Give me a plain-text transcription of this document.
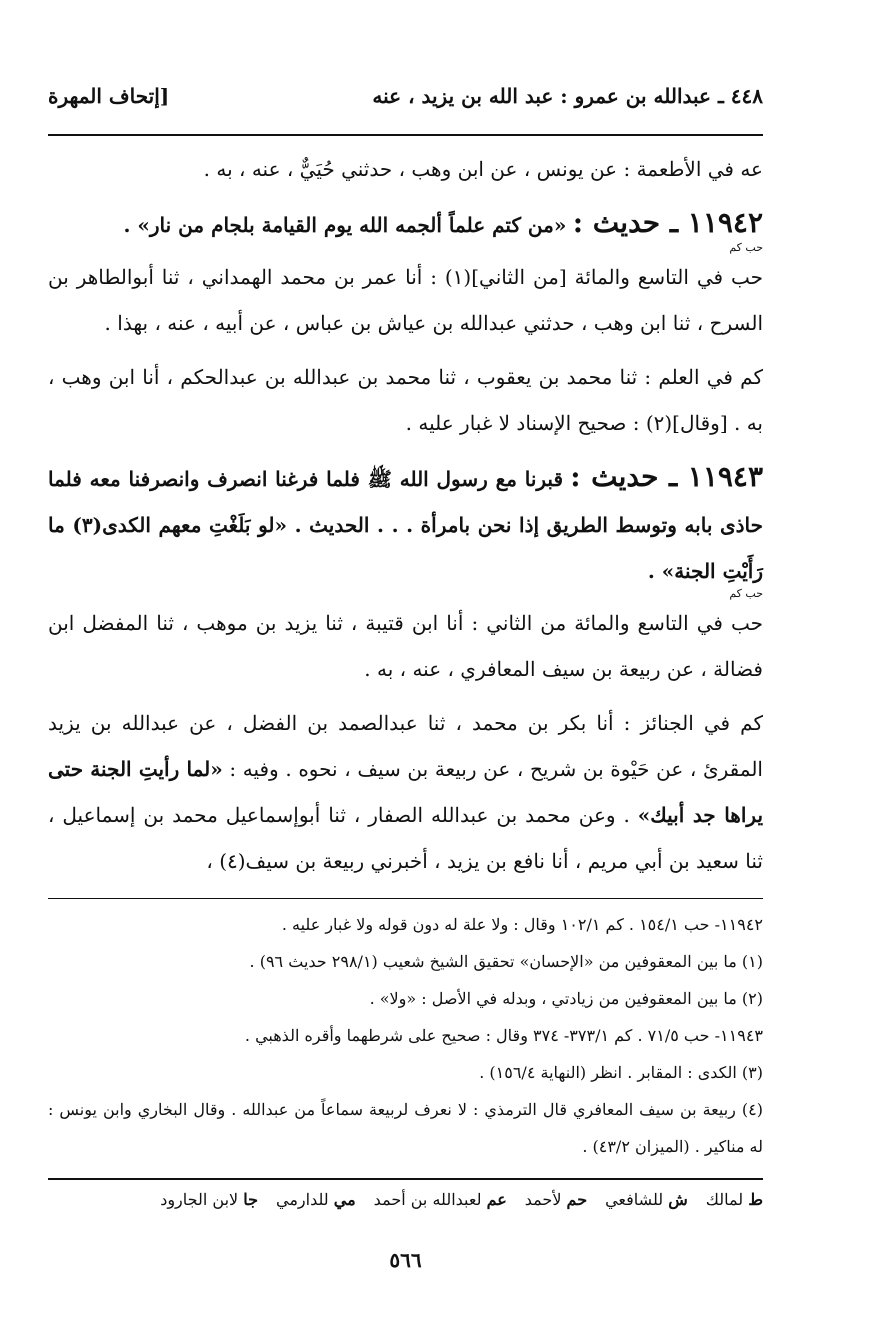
٤٤٨ ـ عبدالله بن عمرو : عبد الله بن يزيد ، عنه
[إتحاف المهرة

عه في الأطعمة : عن يونس ، عن ابن وهب ، حدثني حُيَيٌّ ، عنه ، به .

١١٩٤٢ ـ حديث : «من كتم علماً ألجمه الله يوم القيامة بلجام من نار» .
حب كم

حب في التاسع والمائة [من الثاني](١) : أنا عمر بن محمد الهمداني ، ثنا أبوالطاهر بن السرح ، ثنا ابن وهب ، حدثني عبدالله بن عياش بن عباس ، عن أبيه ، عنه ، بهذا .

كم في العلم : ثنا محمد بن يعقوب ، ثنا محمد بن عبدالله بن عبدالحكم ، أنا ابن وهب ، به . [وقال](٢) : صحيح الإسناد لا غبار عليه .

١١٩٤٣ ـ حديث : قبرنا مع رسول الله ﷺ فلما فرغنا انصرف وانصرفنا معه فلما حاذى بابه وتوسط الطريق إذا نحن بامرأة . . . الحديث . «لو بَلَغْتِ معهم الكدى(٣) ما رَأَيْتِ الجنة» .
حب كم

حب في التاسع والمائة من الثاني : أنا ابن قتيبة ، ثنا يزيد بن موهب ، ثنا المفضل ابن فضالة ، عن ربيعة بن سيف المعافري ، عنه ، به .

كم في الجنائز : أنا بكر بن محمد ، ثنا عبدالصمد بن الفضل ، عن عبدالله بن يزيد المقرئ ، عن حَيْوة بن شريح ، عن ربيعة بن سيف ، نحوه . وفيه : «لما رأيتِ الجنة حتى يراها جد أبيك» . وعن محمد بن عبدالله الصفار ، ثنا أبوإسماعيل محمد بن إسماعيل ، ثنا سعيد بن أبي مريم ، أنا نافع بن يزيد ، أخبرني ربيعة بن سيف(٤) ،

١١٩٤٢- حب ١٥٤/١ . كم ١٠٢/١ وقال : ولا علة له دون قوله ولا غبار عليه .

(١) ما بين المعقوفين من «الإحسان» تحقيق الشيخ شعيب (٢٩٨/١ حديث ٩٦) .

(٢) ما بين المعقوفين من زيادتي ، وبدله في الأصل : «ولا» .

١١٩٤٣- حب ٧١/٥ . كم ٣٧٣/١- ٣٧٤ وقال : صحيح على شرطهما وأقره الذهبي .

(٣) الكدى : المقابر . انظر (النهاية ١٥٦/٤) .

(٤) ربيعة بن سيف المعافري قال الترمذي : لا نعرف لربيعة سماعاً من عبدالله . وقال البخاري وابن يونس : له مناكير . (الميزان ٤٣/٢) .

ط لمالك
ش للشافعي
حم لأحمد
عم لعبدالله بن أحمد
مي للدارمي
جا لابن الجارود
٥٦٦
